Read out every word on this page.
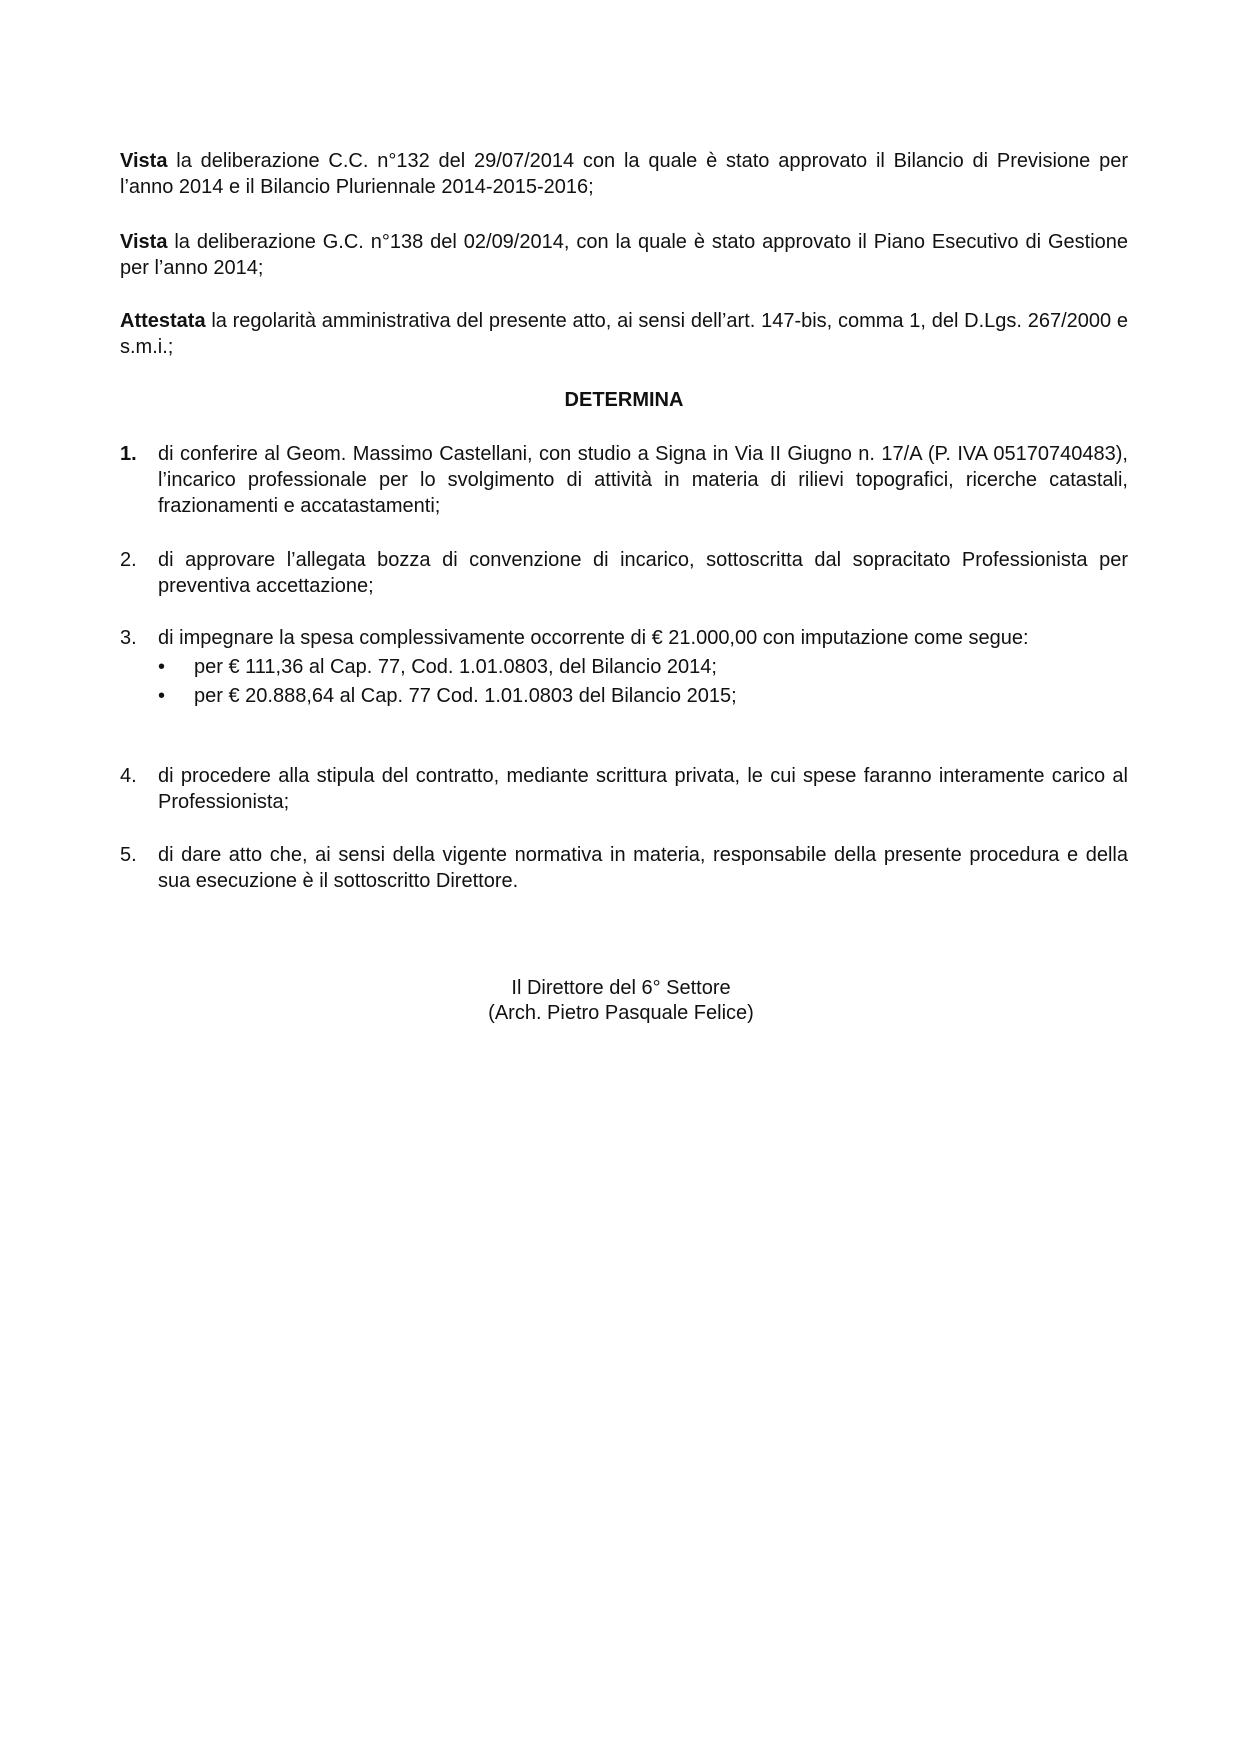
Vista la deliberazione C.C. n°132 del 29/07/2014 con la quale è stato approvato il Bilancio di Previsione per l’anno 2014 e il Bilancio Pluriennale 2014-2015-2016;
Vista la deliberazione G.C. n°138 del 02/09/2014, con la quale è stato approvato il Piano Esecutivo di Gestione per l’anno 2014;
Attestata la regolarità amministrativa del presente atto, ai sensi dell’art. 147-bis, comma 1, del D.Lgs. 267/2000 e s.m.i.;
DETERMINA
1. di conferire al Geom. Massimo Castellani, con studio a Signa in Via II Giugno n. 17/A (P. IVA 05170740483), l’incarico professionale per lo svolgimento di attività in materia di rilievi topografici, ricerche catastali, frazionamenti e accatastamenti;
2. di approvare l’allegata bozza di convenzione di incarico, sottoscritta dal sopracitato Professionista per preventiva accettazione;
3. di impegnare la spesa complessivamente occorrente di € 21.000,00 con imputazione come segue:
• per € 111,36 al Cap. 77, Cod. 1.01.0803, del Bilancio 2014;
• per € 20.888,64 al Cap. 77 Cod. 1.01.0803 del Bilancio 2015;
4. di procedere alla stipula del contratto, mediante scrittura privata, le cui spese faranno interamente carico al Professionista;
5. di dare atto che, ai sensi della vigente normativa in materia, responsabile della presente procedura e della sua esecuzione è il sottoscritto Direttore.
Il Direttore del 6° Settore
(Arch. Pietro Pasquale Felice)
